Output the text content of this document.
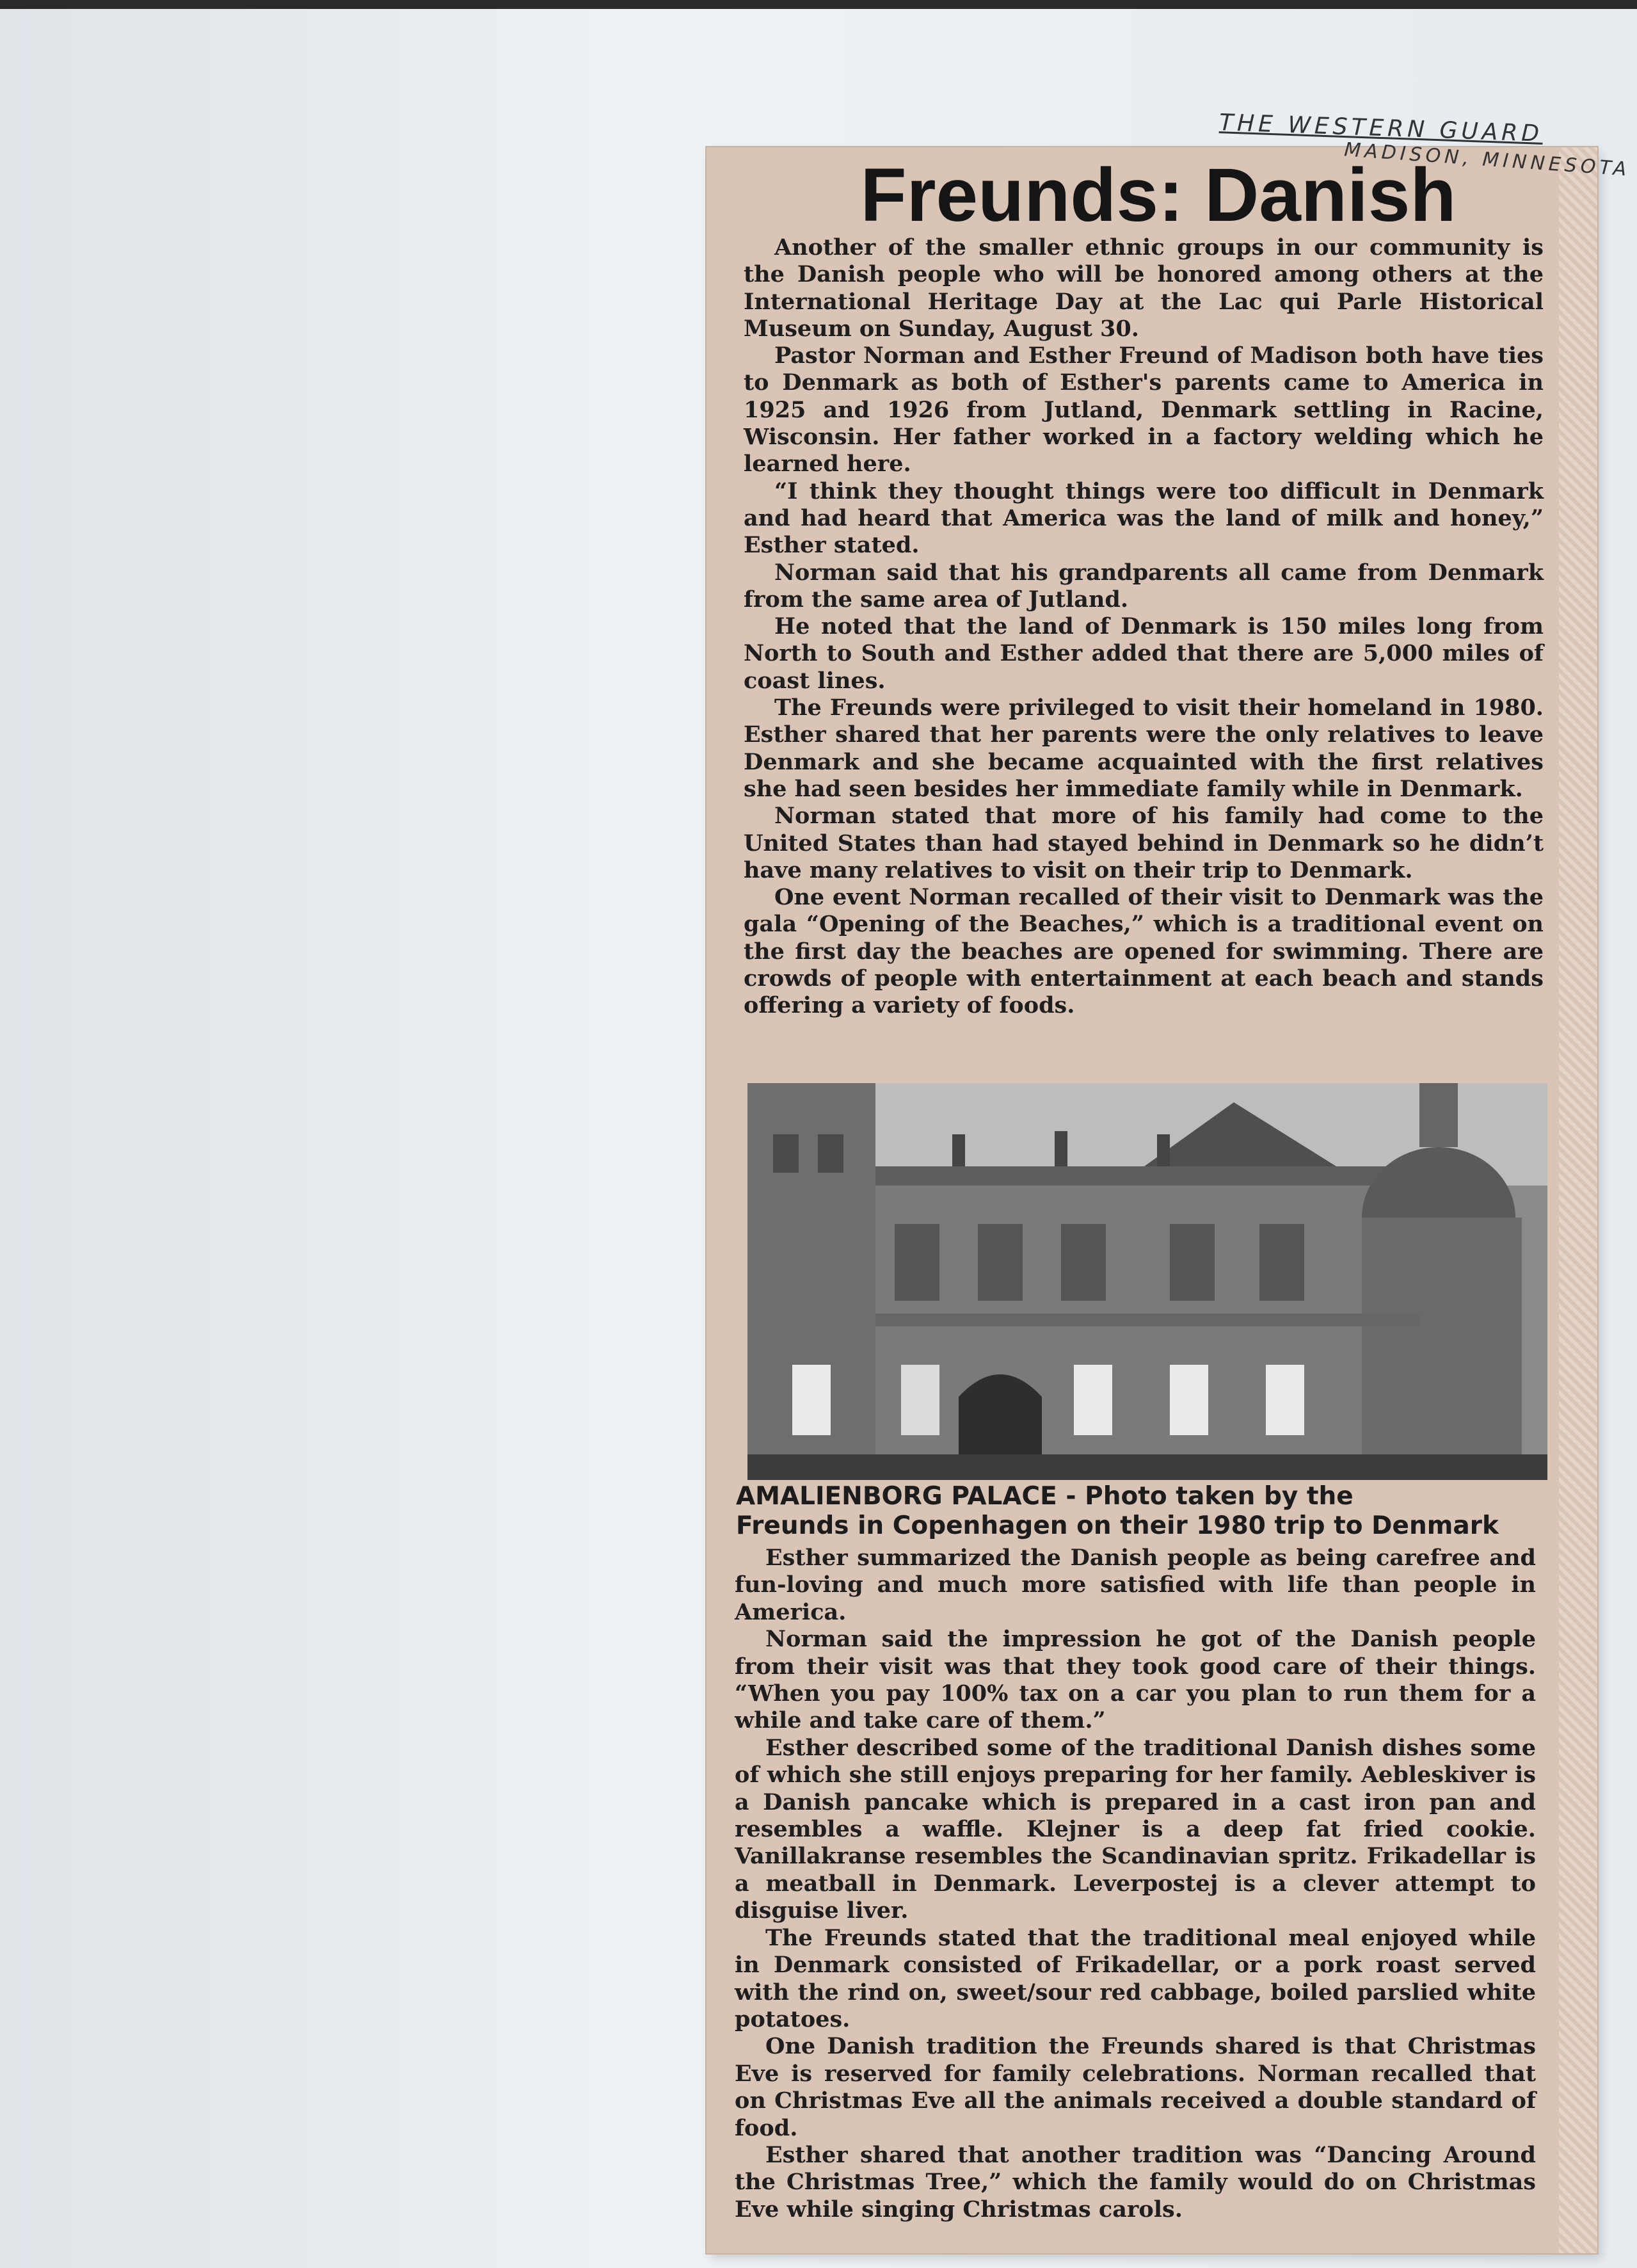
THE WESTERN GUARD
MADISON, MINNESOTA
Freunds: Danish

Another of the smaller ethnic groups in our community is the Danish people who will be honored among others at the International Heritage Day at the Lac qui Parle Historical Museum on Sunday, August 30.

Pastor Norman and Esther Freund of Madison both have ties to Denmark as both of Esther's parents came to America in 1925 and 1926 from Jutland, Denmark settling in Racine, Wisconsin. Her father worked in a factory welding which he learned here.

“I think they thought things were too difficult in Denmark and had heard that America was the land of milk and honey,” Esther stated.

Norman said that his grandparents all came from Denmark from the same area of Jutland.

He noted that the land of Denmark is 150 miles long from North to South and Esther added that there are 5,000 miles of coast lines.

The Freunds were privileged to visit their homeland in 1980. Esther shared that her parents were the only relatives to leave Denmark and she became acquainted with the first relatives she had seen besides her immediate family while in Denmark.

Norman stated that more of his family had come to the United States than had stayed behind in Denmark so he didn’t have many relatives to visit on their trip to Denmark.

One event Norman recalled of their visit to Denmark was the gala “Opening of the Beaches,” which is a traditional event on the first day the beaches are opened for swimming. There are crowds of people with entertainment at each beach and stands offering a variety of foods.

AMALIENBORG PALACE - Photo taken by the
Freunds in Copenhagen on their 1980 trip to Denmark

Esther summarized the Danish people as being carefree and fun-loving and much more satisfied with life than people in America.

Norman said the impression he got of the Danish people from their visit was that they took good care of their things. “When you pay 100% tax on a car you plan to run them for a while and take care of them.”

Esther described some of the traditional Danish dishes some of which she still enjoys preparing for her family. Aebleskiver is a Danish pancake which is prepared in a cast iron pan and resembles a waffle. Klejner is a deep fat fried cookie. Vanillakranse resembles the Scandinavian spritz. Frikadellar is a meatball in Denmark. Leverpostej is a clever attempt to disguise liver.

The Freunds stated that the traditional meal enjoyed while in Denmark consisted of Frikadellar, or a pork roast served with the rind on, sweet/sour red cabbage, boiled parslied white potatoes.

One Danish tradition the Freunds shared is that Christmas Eve is reserved for family celebrations. Norman recalled that on Christmas Eve all the animals received a double standard of food.

Esther shared that another tradition was “Dancing Around the Christmas Tree,” which the family would do on Christmas Eve while singing Christmas carols.
